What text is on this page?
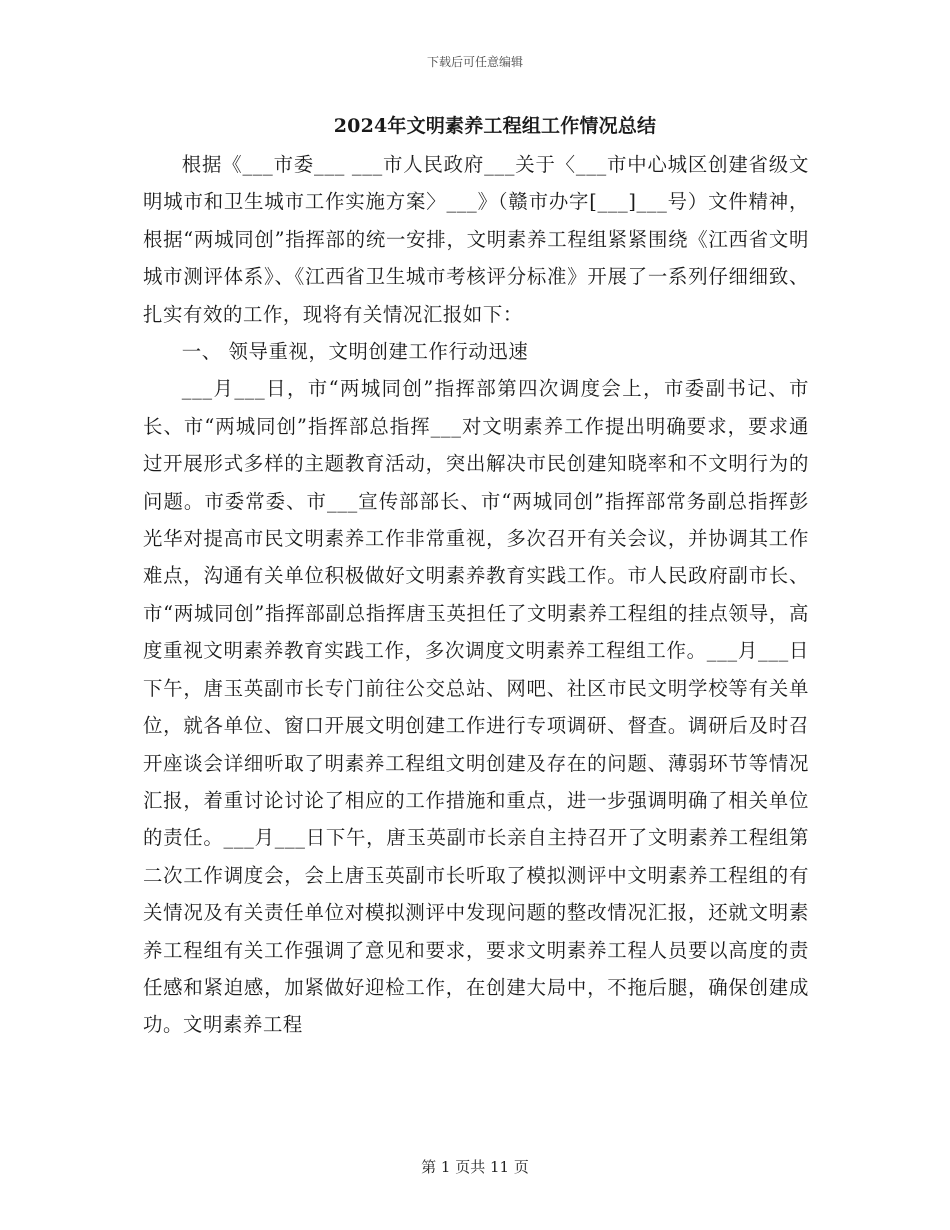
下载后可任意编辑
2024年文明素养工程组工作情况总结

根据《___市委___ ___市人民政府___关于〈___市中心城区创建省级文明城市和卫生城市工作实施方案〉___》（赣市办字[___]___号）文件精神，根据“两城同创”指挥部的统一安排，文明素养工程组紧紧围绕《江西省文明城市测评体系》、《江西省卫生城市考核评分标准》开展了一系列仔细细致、扎实有效的工作，现将有关情况汇报如下：

一、 领导重视，文明创建工作行动迅速

___月___日，市“两城同创”指挥部第四次调度会上，市委副书记、市长、市“两城同创”指挥部总指挥___对文明素养工作提出明确要求，要求通过开展形式多样的主题教育活动，突出解决市民创建知晓率和不文明行为的问题。市委常委、市___宣传部部长、市“两城同创”指挥部常务副总指挥彭光华对提高市民文明素养工作非常重视，多次召开有关会议，并协调其工作难点，沟通有关单位积极做好文明素养教育实践工作。市人民政府副市长、市“两城同创”指挥部副总指挥唐玉英担任了文明素养工程组的挂点领导，高度重视文明素养教育实践工作，多次调度文明素养工程组工作。___月___日下午，唐玉英副市长专门前往公交总站、网吧、社区市民文明学校等有关单位，就各单位、窗口开展文明创建工作进行专项调研、督查。调研后及时召开座谈会详细听取了明素养工程组文明创建及存在的问题、薄弱环节等情况汇报，着重讨论讨论了相应的工作措施和重点，进一步强调明确了相关单位的责任。___月___日下午，唐玉英副市长亲自主持召开了文明素养工程组第二次工作调度会，会上唐玉英副市长听取了模拟测评中文明素养工程组的有关情况及有关责任单位对模拟测评中发现问题的整改情况汇报，还就文明素养工程组有关工作强调了意见和要求，要求文明素养工程人员要以高度的责任感和紧迫感，加紧做好迎检工作，在创建大局中，不拖后腿，确保创建成功。文明素养工程

第 1 页共 11 页
